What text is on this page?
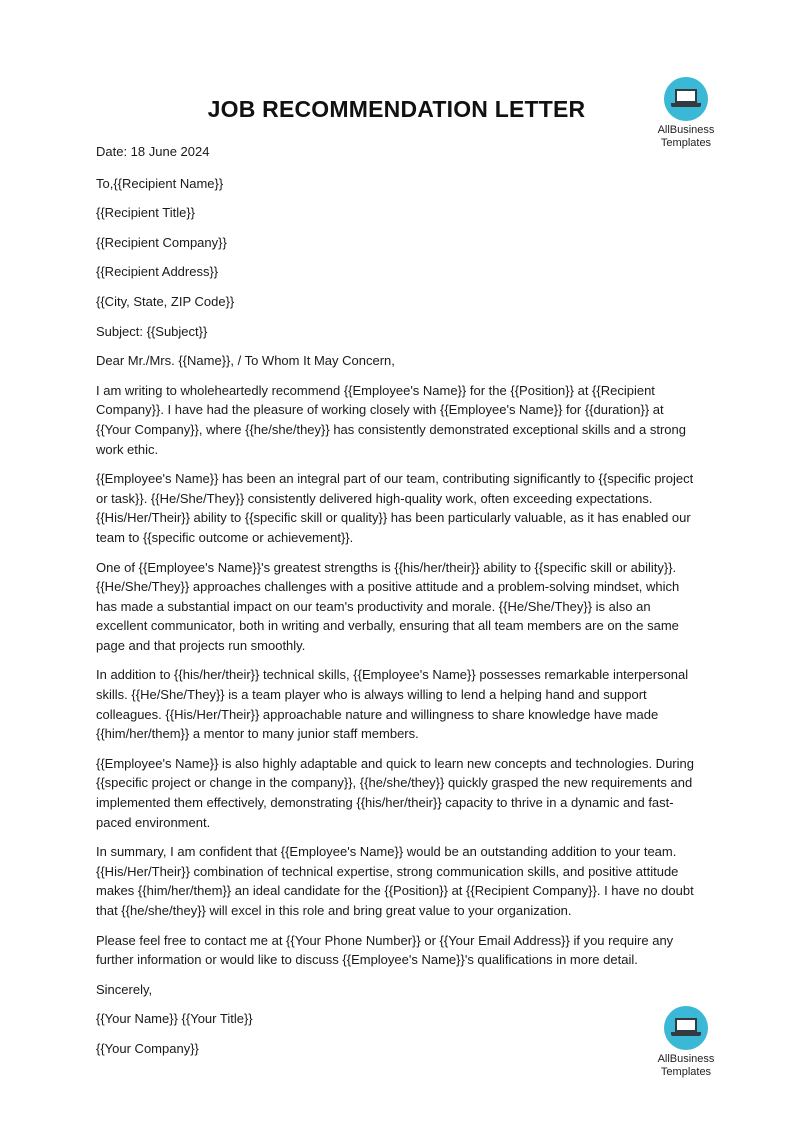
JOB RECOMMENDATION LETTER
AllBusiness
Templates

Date: 18 June 2024

To,{{Recipient Name}}

{{Recipient Title}}

{{Recipient Company}}

{{Recipient Address}}

{{City, State, ZIP Code}}

Subject: {{Subject}}

Dear Mr./Mrs. {{Name}}, / To Whom It May Concern,

I am writing to wholeheartedly recommend {{Employee's Name}} for the {{Position}} at {{Recipient Company}}. I have had the pleasure of working closely with {{Employee's Name}} for {{duration}} at {{Your Company}}, where {{he/she/they}} has consistently demonstrated exceptional skills and a strong work ethic.

{{Employee's Name}} has been an integral part of our team, contributing significantly to {{specific project or task}}. {{He/She/They}} consistently delivered high-quality work, often exceeding expectations. {{His/Her/Their}} ability to {{specific skill or quality}} has been particularly valuable, as it has enabled our team to {{specific outcome or achievement}}.

One of {{Employee's Name}}'s greatest strengths is {{his/her/their}} ability to {{specific skill or ability}}. {{He/She/They}} approaches challenges with a positive attitude and a problem-solving mindset, which has made a substantial impact on our team's productivity and morale. {{He/She/They}} is also an excellent communicator, both in writing and verbally, ensuring that all team members are on the same page and that projects run smoothly.

In addition to {{his/her/their}} technical skills, {{Employee's Name}} possesses remarkable interpersonal skills. {{He/She/They}} is a team player who is always willing to lend a helping hand and support colleagues. {{His/Her/Their}} approachable nature and willingness to share knowledge have made {{him/her/them}} a mentor to many junior staff members.

{{Employee's Name}} is also highly adaptable and quick to learn new concepts and technologies. During {{specific project or change in the company}}, {{he/she/they}} quickly grasped the new requirements and implemented them effectively, demonstrating {{his/her/their}} capacity to thrive in a dynamic and fast-paced environment.

In summary, I am confident that {{Employee's Name}} would be an outstanding addition to your team. {{His/Her/Their}} combination of technical expertise, strong communication skills, and positive attitude makes {{him/her/them}} an ideal candidate for the {{Position}} at {{Recipient Company}}. I have no doubt that {{he/she/they}} will excel in this role and bring great value to your organization.

Please feel free to contact me at {{Your Phone Number}} or {{Your Email Address}} if you require any further information or would like to discuss {{Employee's Name}}'s qualifications in more detail.

Sincerely,

{{Your Name}} {{Your Title}}

{{Your Company}}

AllBusiness
Templates
